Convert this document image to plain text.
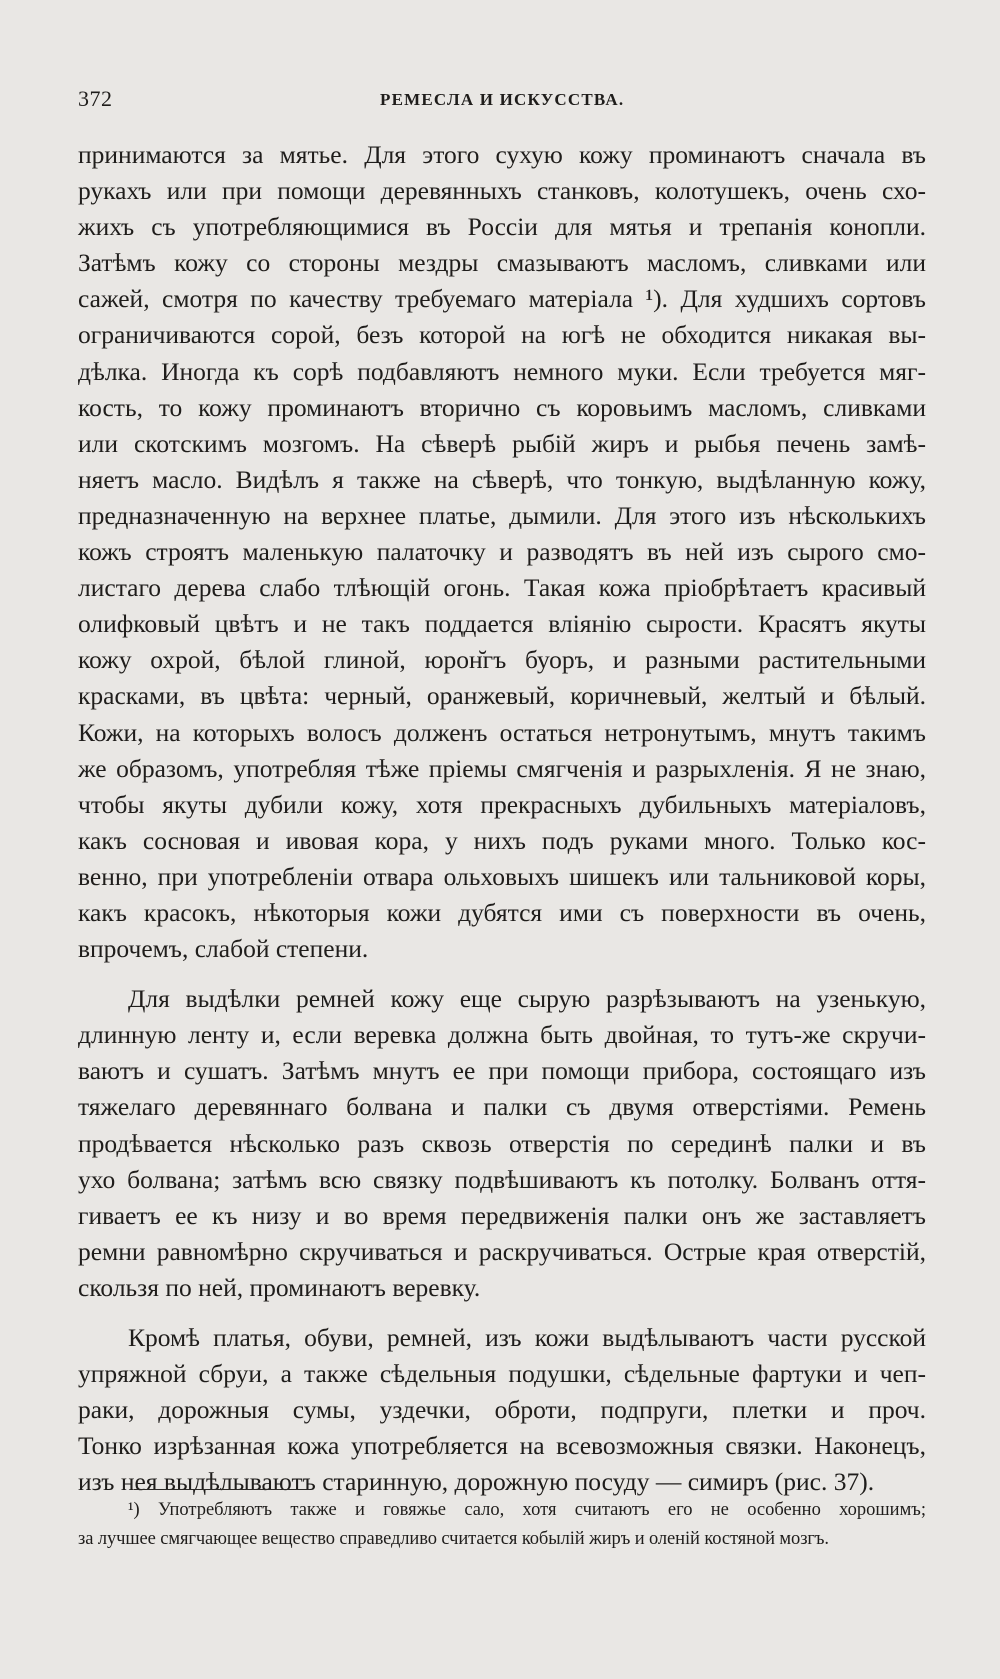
372	РЕМЕСЛА И ИСКУССТВА.
принимаются за мятье. Для этого сухую кожу проминаютъ сначала въ
рукахъ или при помощи деревянныхъ станковъ, колотушекъ, очень схо-
жихъ съ употребляющимися въ Россіи для мятья и трепанія конопли.
Затѣмъ кожу со стороны мездры смазываютъ масломъ, сливками или
сажей, смотря по качеству требуемаго матеріала ¹). Для худшихъ сортовъ
ограничиваются сорой, безъ которой на югѣ не обходится никакая вы-
дѣлка. Иногда къ сорѣ подбавляютъ немного муки. Если требуется мяг-
кость, то кожу проминаютъ вторично съ коровьимъ масломъ, сливками
или скотскимъ мозгомъ. На сѣверѣ рыбій жиръ и рыбья печень замѣ-
няетъ масло. Видѣлъ я также на сѣверѣ, что тонкую, выдѣланную кожу,
предназначенную на верхнее платье, дымили. Для этого изъ нѣсколькихъ
кожъ строятъ маленькую палаточку и разводятъ въ ней изъ сырого смо-
листаго дерева слабо тлѣющій огонь. Такая кожа пріобрѣтаетъ красивый
олифковый цвѣтъ и не такъ поддается вліянію сырости. Красятъ якуты
кожу охрой, бѣлой глиной, юрон̆гъ буоръ, и разными растительными
красками, въ цвѣта: черный, оранжевый, коричневый, желтый и бѣлый.
Кожи, на которыхъ волосъ долженъ остаться нетронутымъ, мнутъ такимъ
же образомъ, употребляя тѣже пріемы смягченія и разрыхленія. Я не знаю,
чтобы якуты дубили кожу, хотя прекрасныхъ дубильныхъ матеріаловъ,
какъ сосновая и ивовая кора, у нихъ подъ руками много. Только кос-
венно, при употребленіи отвара ольховыхъ шишекъ или тальниковой коры,
какъ красокъ, нѣкоторыя кожи дубятся ими съ поверхности въ очень,
впрочемъ, слабой степени.
Для выдѣлки ремней кожу еще сырую разрѣзываютъ на узенькую,
длинную ленту и, если веревка должна быть двойная, то тутъ-же скручи-
ваютъ и сушатъ. Затѣмъ мнутъ ее при помощи прибора, состоящаго изъ
тяжелаго деревяннаго болвана и палки съ двумя отверстіями. Ремень
продѣвается нѣсколько разъ сквозь отверстія по серединѣ палки и въ
ухо болвана; затѣмъ всю связку подвѣшиваютъ къ потолку. Болванъ оття-
гиваетъ ее къ низу и во время передвиженія палки онъ же заставляетъ
ремни равномѣрно скручиваться и раскручиваться. Острые края отверстій,
скользя по ней, проминаютъ веревку.
Кромѣ платья, обуви, ремней, изъ кожи выдѣлываютъ части русской
упряжной сбруи, а также сѣдельныя подушки, сѣдельные фартуки и чеп-
раки, дорожныя сумы, уздечки, оброти, подпруги, плетки и проч.
Тонко изрѣзанная кожа употребляется на всевозможныя связки. Наконецъ,
изъ нея выдѣлываютъ старинную, дорожную посуду — симиръ (рис. 37).
¹) Употребляютъ также и говяжье сало, хотя считаютъ его не особенно хорошимъ;
за лучшее смягчающее вещество справедливо считается кобылій жиръ и оленій костяной мозгъ.
